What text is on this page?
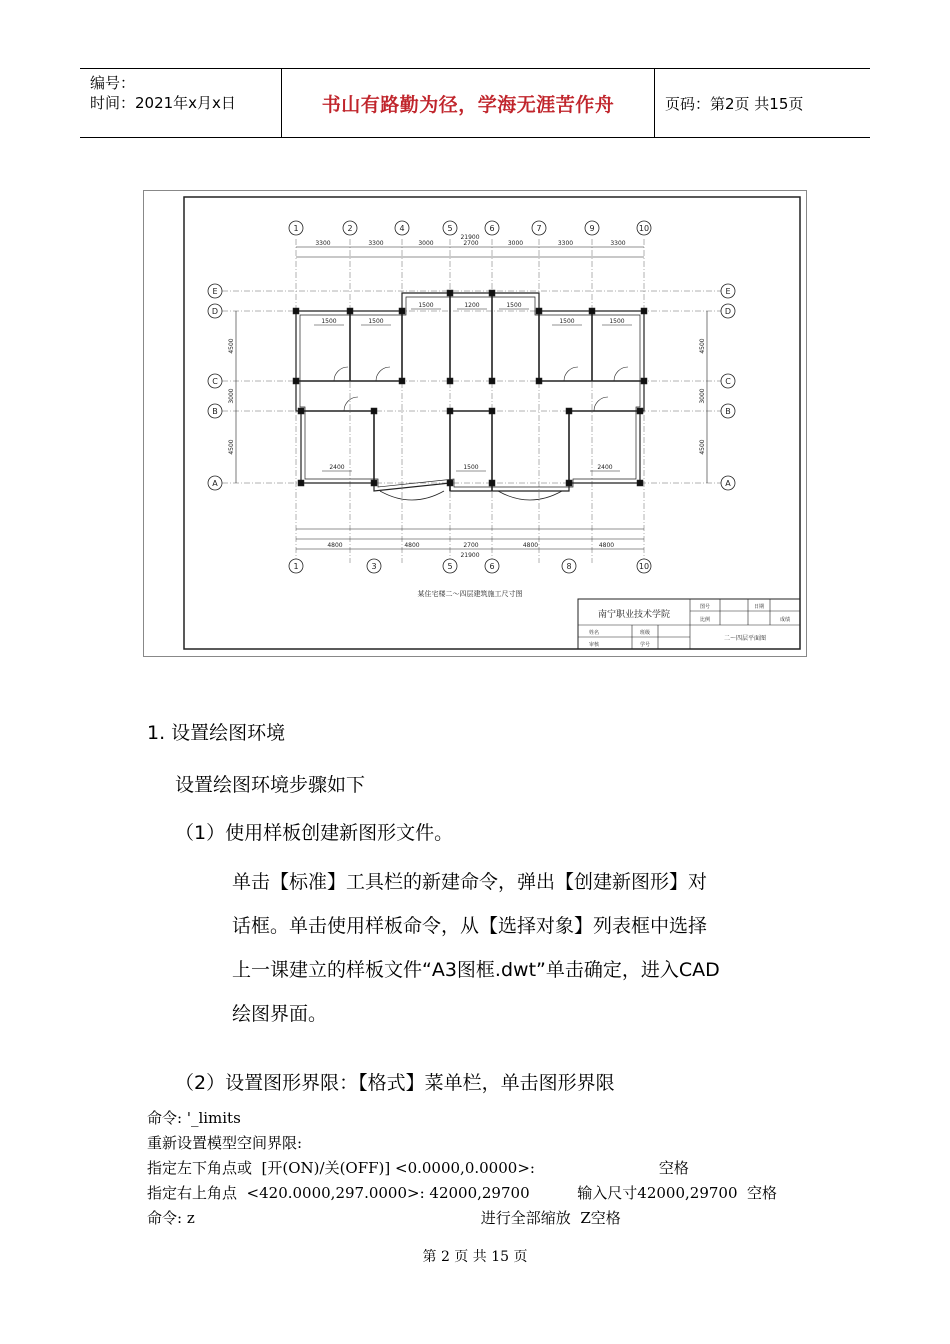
编号：
时间：2021年x月x日	书山有路勤为径，学海无涯苦作舟	页码：第2页 共15页
1	2	4	5	6	7	9	10
1	3	5	6	8	10
E	E
D	D
C	C
B	B
A	A
21900
3300	3300	3000	2700	3000	3300	3300
4800	4800	2700	4800	4800
21900
4500	4500
3000	3000
4500	4500
1500	1500
1500	1200	1500
1500	1500
2400	1500	2400
某住宅楼二～四层建筑施工尺寸图
南宁职业技术学院
图号
比例
日期
成绩
姓名	班级
审核	学号
二～四层平面图
1. 设置绘图环境
设置绘图环境步骤如下
（1）使用样板创建新图形文件。
单击【标准】工具栏的新建命令，弹出【创建新图形】对
话框。单击使用样板命令，从【选择对象】列表框中选择
上一课建立的样板文件“A3图框.dwt”单击确定，进入CAD
绘图界面。
（2）设置图形界限：【格式】菜单栏，单击图形界限
命令: '_limits
重新设置模型空间界限:
指定左下角点或  [开(ON)/关(OFF)] <0.0000,0.0000>:                          空格
指定右上角点  <420.0000,297.0000>: 42000,29700          输入尺寸42000,29700  空格
命令: z                                                            进行全部缩放  Z空格
第 2 页 共 15 页
